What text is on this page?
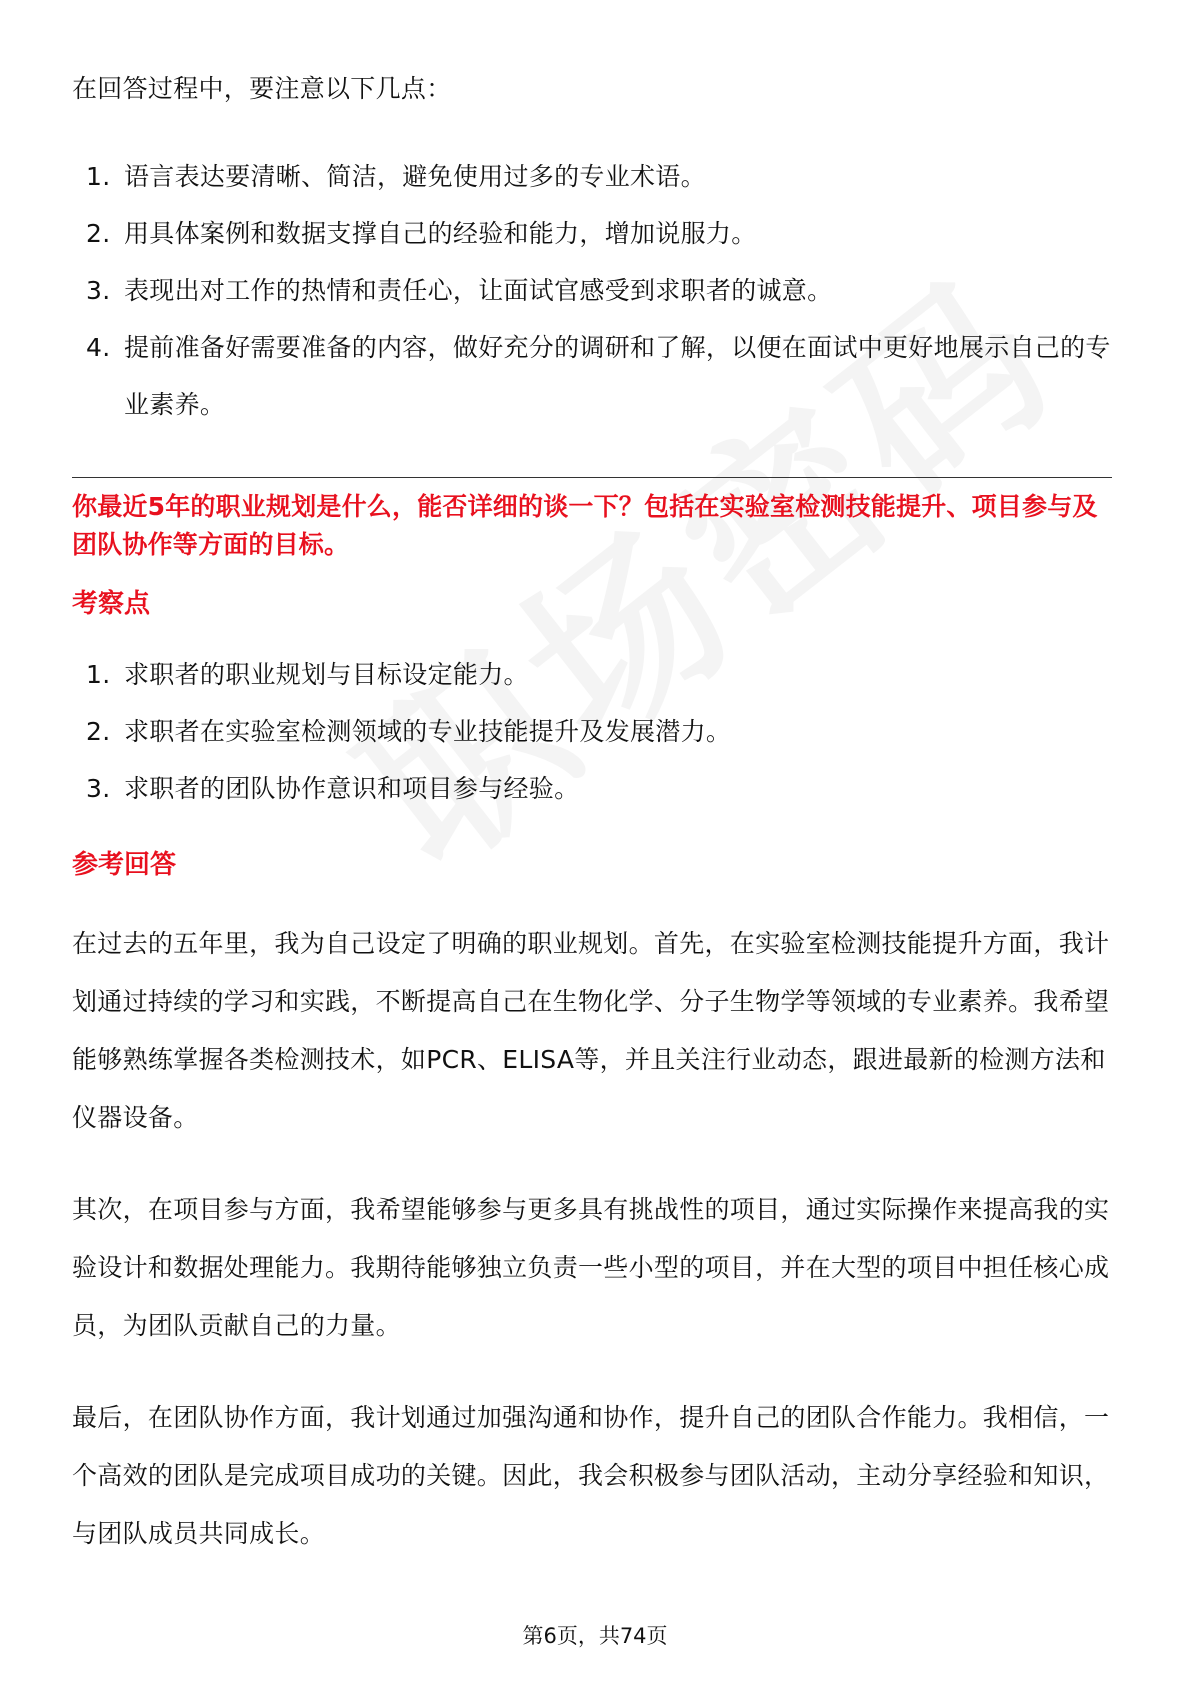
在回答过程中，要注意以下几点：

1. 语言表达要清晰、简洁，避免使用过多的专业术语。
2. 用具体案例和数据支撑自己的经验和能力，增加说服力。
3. 表现出对工作的热情和责任心，让面试官感受到求职者的诚意。
4. 提前准备好需要准备的内容，做好充分的调研和了解，以便在面试中更好地展示自己的专业素养。

你最近5年的职业规划是什么，能否详细的谈一下？包括在实验室检测技能提升、项目参与及团队协作等方面的目标。

考察点
1. 求职者的职业规划与目标设定能力。
2. 求职者在实验室检测领域的专业技能提升及发展潜力。
3. 求职者的团队协作意识和项目参与经验。
参考回答

在过去的五年里，我为自己设定了明确的职业规划。首先，在实验室检测技能提升方面，我计划通过持续的学习和实践，不断提高自己在生物化学、分子生物学等领域的专业素养。我希望能够熟练掌握各类检测技术，如PCR、ELISA等，并且关注行业动态，跟进最新的检测方法和仪器设备。

其次，在项目参与方面，我希望能够参与更多具有挑战性的项目，通过实际操作来提高我的实验设计和数据处理能力。我期待能够独立负责一些小型的项目，并在大型的项目中担任核心成员，为团队贡献自己的力量。

最后，在团队协作方面，我计划通过加强沟通和协作，提升自己的团队合作能力。我相信，一个高效的团队是完成项目成功的关键。因此，我会积极参与团队活动，主动分享经验和知识，与团队成员共同成长。

第6页，共74页
